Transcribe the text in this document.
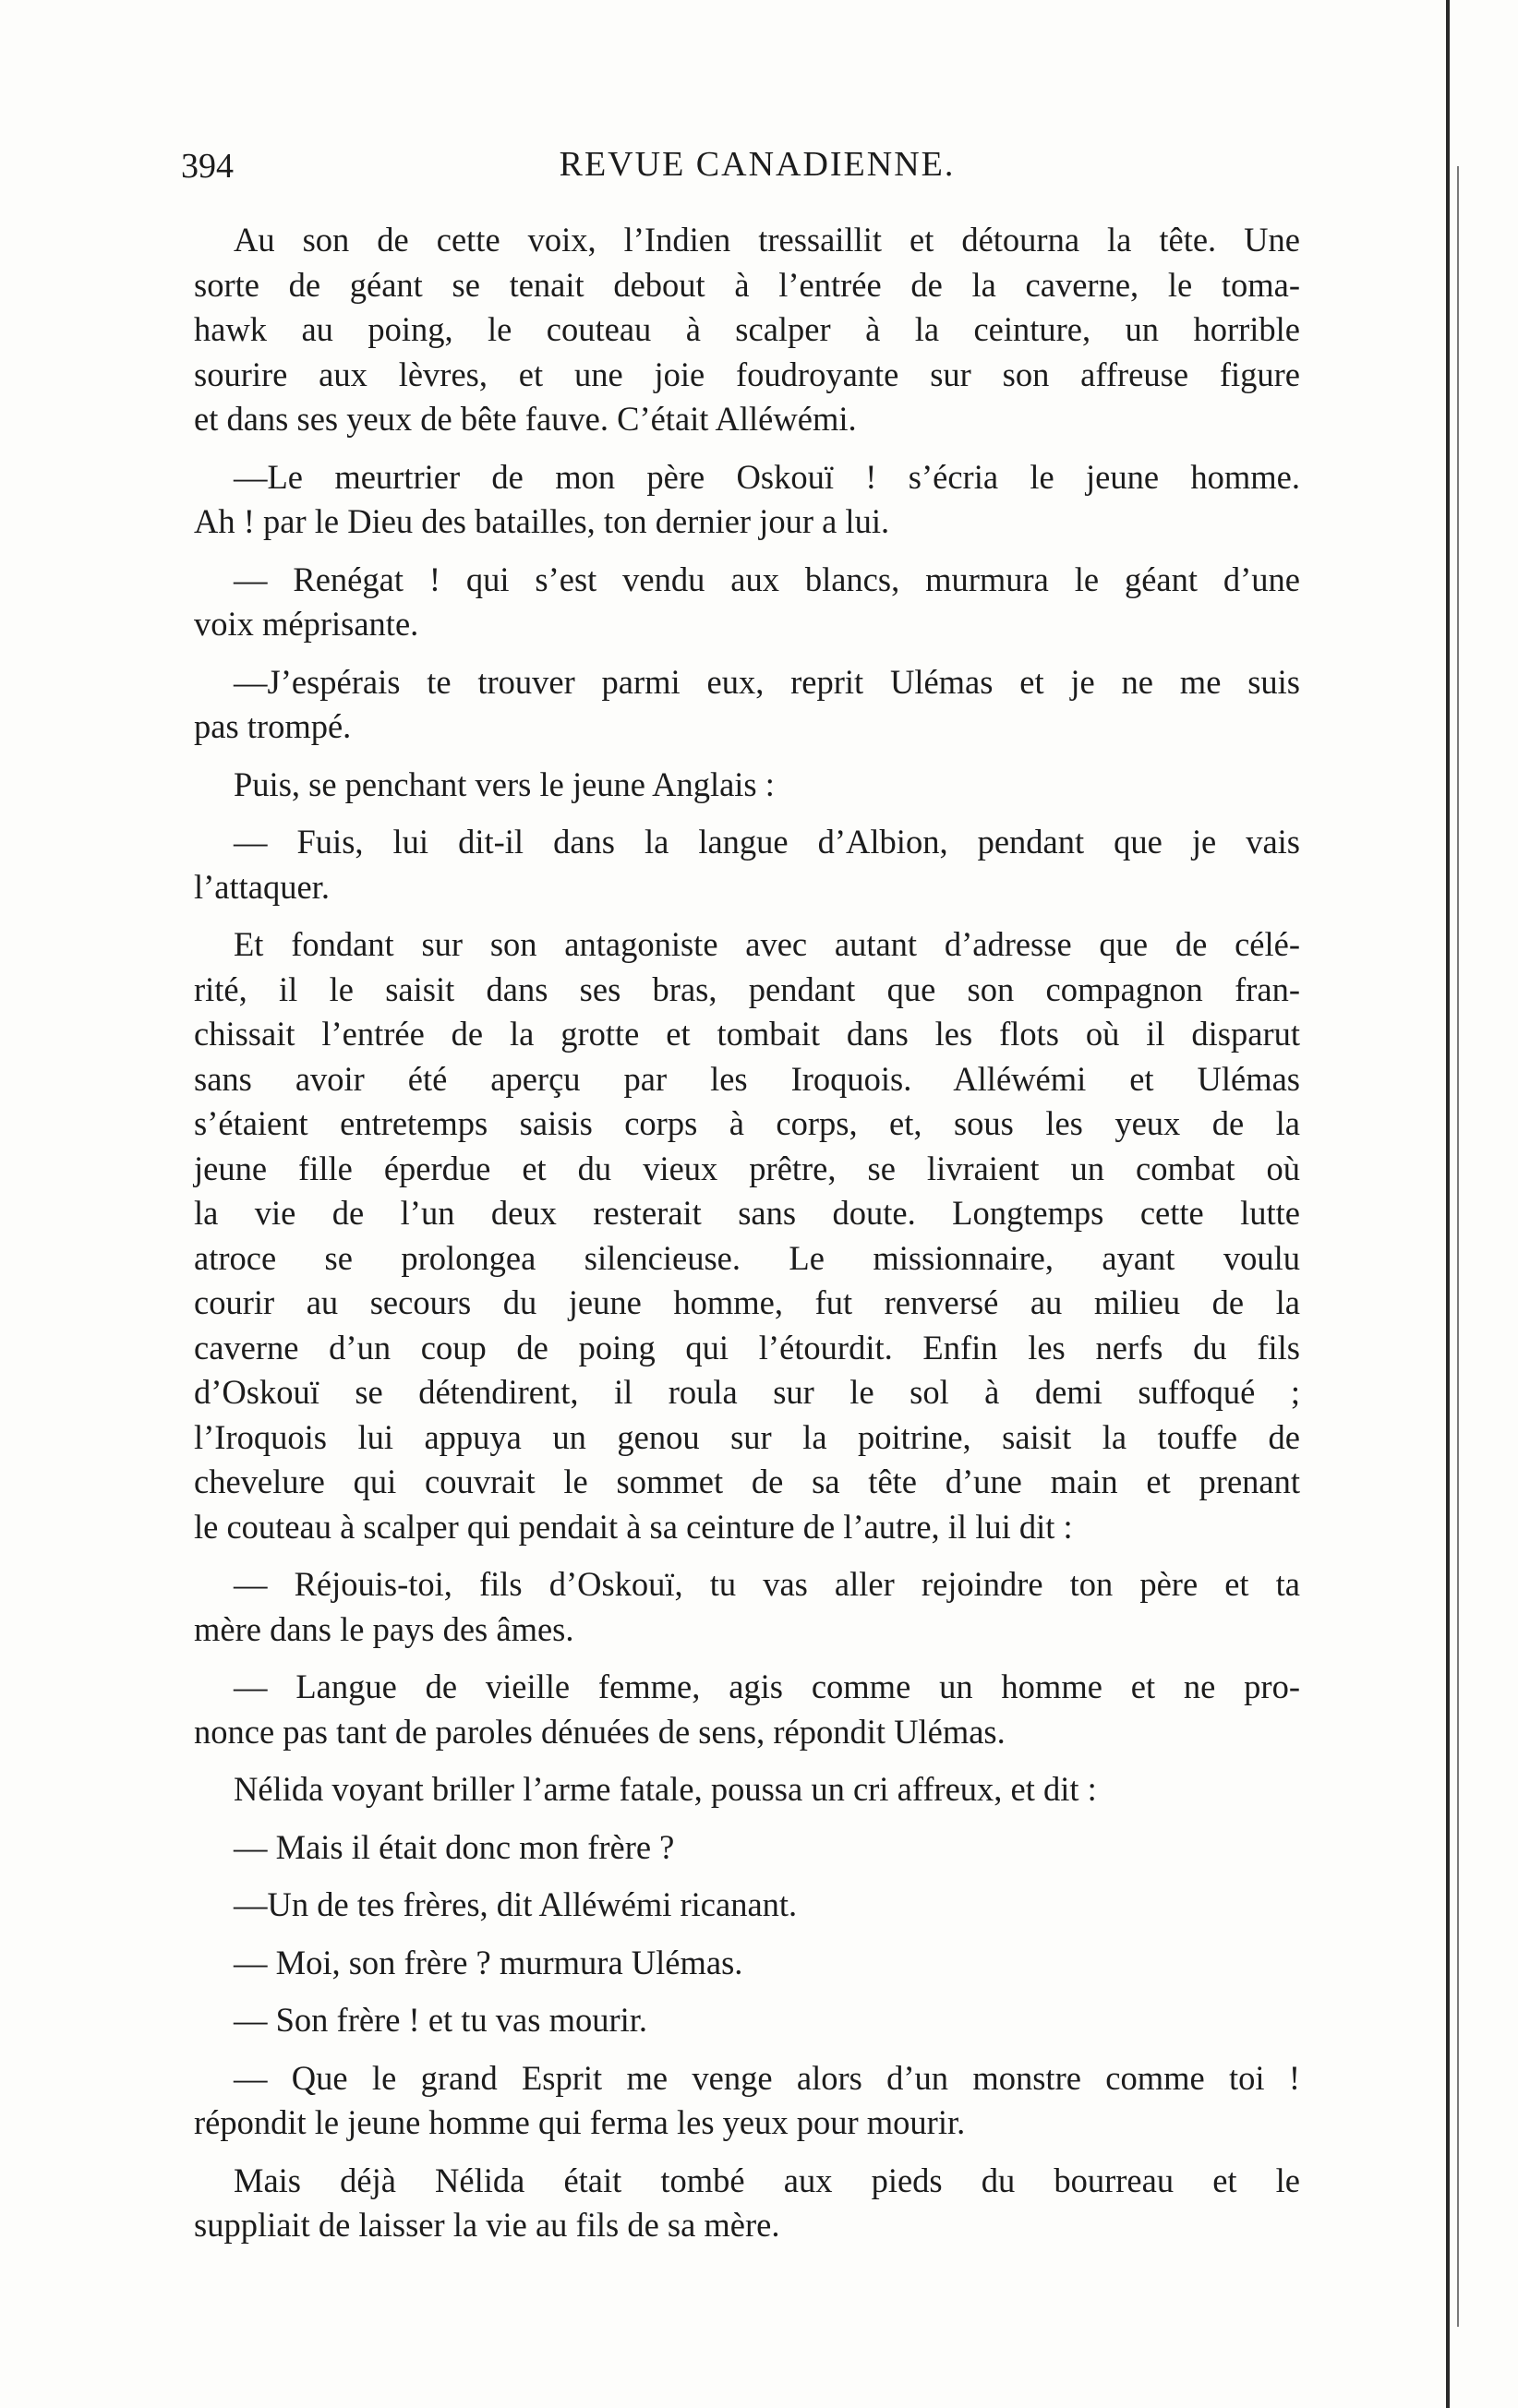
394	REVUE CANADIENNE.
Au son de cette voix, l’Indien tressaillit et détourna la tête. Une
sorte de géant se tenait debout à l’entrée de la caverne, le toma-
hawk au poing, le couteau à scalper à la ceinture, un horrible
sourire aux lèvres, et une joie foudroyante sur son affreuse figure
et dans ses yeux de bête fauve. C’était Alléwémi.
—Le meurtrier de mon père Oskouï ! s’écria le jeune homme.
Ah ! par le Dieu des batailles, ton dernier jour a lui.
— Renégat ! qui s’est vendu aux blancs, murmura le géant d’une
voix méprisante.
—J’espérais te trouver parmi eux, reprit Ulémas et je ne me suis
pas trompé.
Puis, se penchant vers le jeune Anglais :
— Fuis, lui dit-il dans la langue d’Albion, pendant que je vais
l’attaquer.
Et fondant sur son antagoniste avec autant d’adresse que de célé-
rité, il le saisit dans ses bras, pendant que son compagnon fran-
chissait l’entrée de la grotte et tombait dans les flots où il disparut
sans avoir été aperçu par les Iroquois. Alléwémi et Ulémas
s’étaient entretemps saisis corps à corps, et, sous les yeux de la
jeune fille éperdue et du vieux prêtre, se livraient un combat où
la vie de l’un deux resterait sans doute. Longtemps cette lutte
atroce se prolongea silencieuse. Le missionnaire, ayant voulu
courir au secours du jeune homme, fut renversé au milieu de la
caverne d’un coup de poing qui l’étourdit. Enfin les nerfs du fils
d’Oskouï se détendirent, il roula sur le sol à demi suffoqué ;
l’Iroquois lui appuya un genou sur la poitrine, saisit la touffe de
chevelure qui couvrait le sommet de sa tête d’une main et prenant
le couteau à scalper qui pendait à sa ceinture de l’autre, il lui dit :
— Réjouis-toi, fils d’Oskouï, tu vas aller rejoindre ton père et ta
mère dans le pays des âmes.
— Langue de vieille femme, agis comme un homme et ne pro-
nonce pas tant de paroles dénuées de sens, répondit Ulémas.
Nélida voyant briller l’arme fatale, poussa un cri affreux, et dit :
— Mais il était donc mon frère ?
—Un de tes frères, dit Alléwémi ricanant.
— Moi, son frère ? murmura Ulémas.
— Son frère ! et tu vas mourir.
— Que le grand Esprit me venge alors d’un monstre comme toi !
répondit le jeune homme qui ferma les yeux pour mourir.
Mais déjà Nélida était tombé aux pieds du bourreau et le
suppliait de laisser la vie au fils de sa mère.
